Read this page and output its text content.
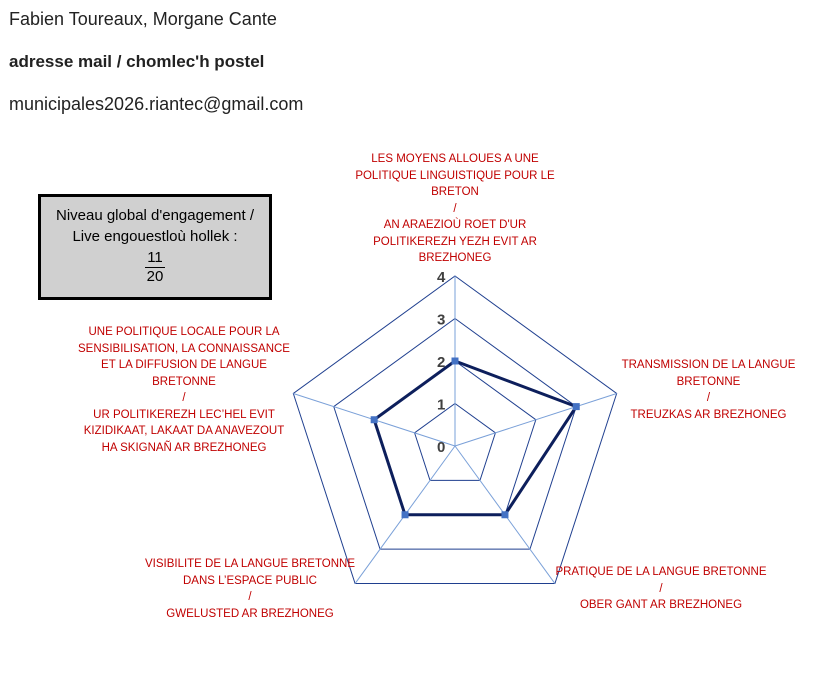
Fabien Toureaux, Morgane Cante

adresse mail / chomlec'h postel

municipales2026.riantec@gmail.com

Niveau global d'engagement /
Live engouestloù hollek :
$\frac{11}{20}$
0
1
2
3
4
LES MOYENS ALLOUES A UNE
POLITIQUE LINGUISTIQUE POUR LE
BRETON
/
AN ARAEZIOÙ ROET D'UR
POLITIKEREZH YEZH EVIT AR
BREZHONEG
TRANSMISSION DE LA LANGUE
BRETONNE
/
TREUZKAS AR BREZHONEG
PRATIQUE DE LA LANGUE BRETONNE
/
OBER GANT AR BREZHONEG
VISIBILITE DE LA LANGUE BRETONNE
DANS L’ESPACE PUBLIC
/
GWELUSTED AR BREZHONEG
UNE POLITIQUE LOCALE POUR LA
SENSIBILISATION, LA CONNAISSANCE
ET LA DIFFUSION DE LANGUE
BRETONNE
/
UR POLITIKEREZH LEC’HEL EVIT
KIZIDIKAAT, LAKAAT DA ANAVEZOUT
HA SKIGNAÑ AR BREZHONEG
